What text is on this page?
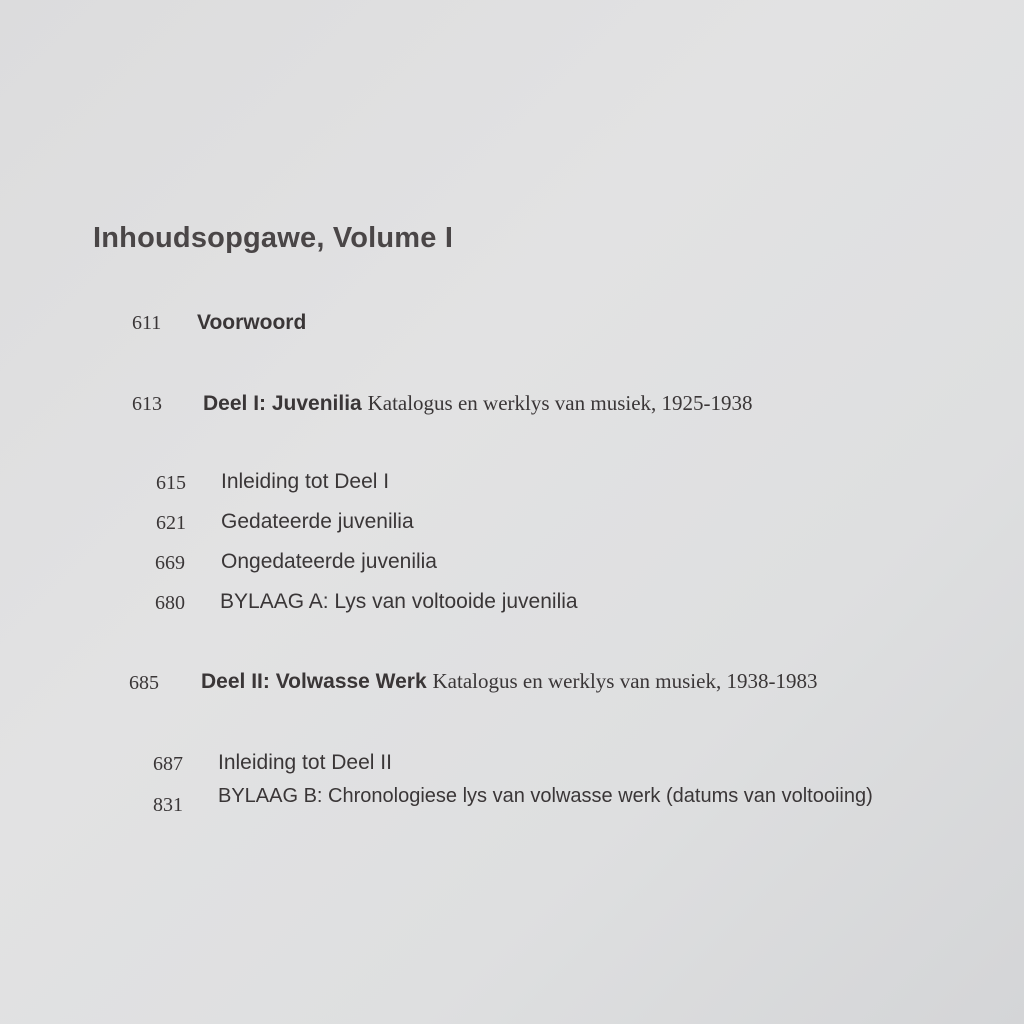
Inhoudsopgawe, Volume I
611 Voorwoord
613 Deel I: Juvenilia Katalogus en werklys van musiek, 1925-1938
615 Inleiding tot Deel I
621 Gedateerde juvenilia
669 Ongedateerde juvenilia
680 BYLAAG A: Lys van voltooide juvenilia
685 Deel II: Volwasse Werk Katalogus en werklys van musiek, 1938-1983
687 Inleiding tot Deel II
831 BYLAAG B: Chronologiese lys van volwasse werk (datums van voltooiing)
